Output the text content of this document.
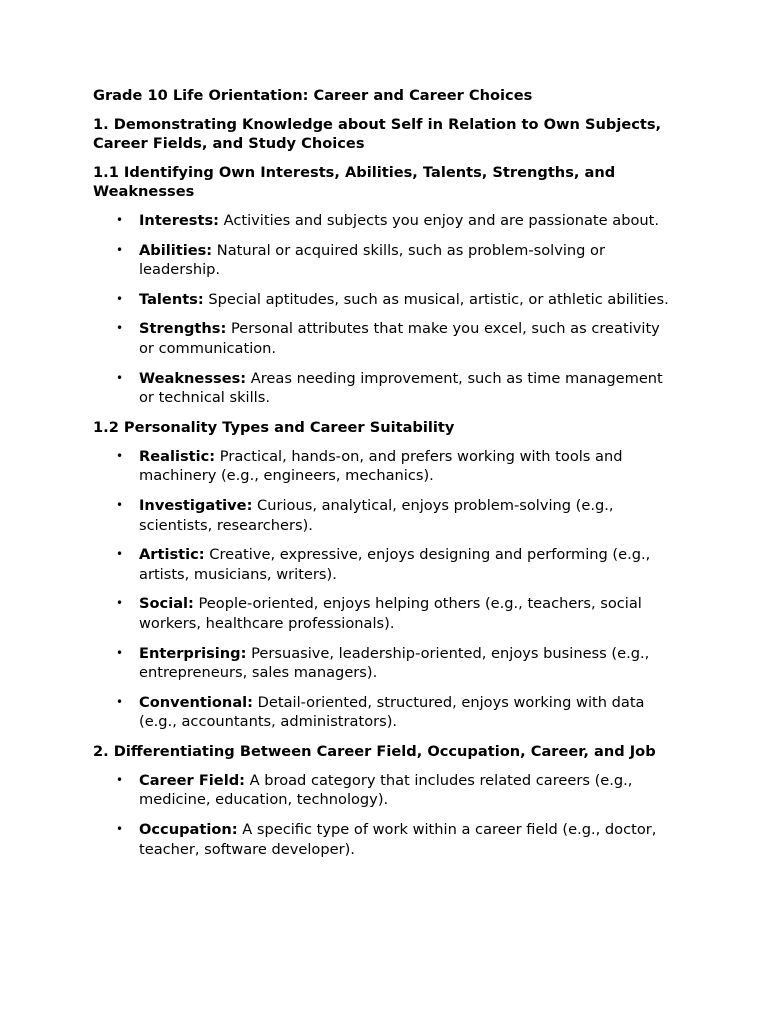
Grade 10 Life Orientation: Career and Career Choices
1. Demonstrating Knowledge about Self in Relation to Own Subjects, Career Fields, and Study Choices
1.1 Identifying Own Interests, Abilities, Talents, Strengths, and Weaknesses
• Interests: Activities and subjects you enjoy and are passionate about.
• Abilities: Natural or acquired skills, such as problem-solving or leadership.
• Talents: Special aptitudes, such as musical, artistic, or athletic abilities.
• Strengths: Personal attributes that make you excel, such as creativity or communication.
• Weaknesses: Areas needing improvement, such as time management or technical skills.
1.2 Personality Types and Career Suitability
• Realistic: Practical, hands-on, and prefers working with tools and machinery (e.g., engineers, mechanics).
• Investigative: Curious, analytical, enjoys problem-solving (e.g., scientists, researchers).
• Artistic: Creative, expressive, enjoys designing and performing (e.g., artists, musicians, writers).
• Social: People-oriented, enjoys helping others (e.g., teachers, social workers, healthcare professionals).
• Enterprising: Persuasive, leadership-oriented, enjoys business (e.g., entrepreneurs, sales managers).
• Conventional: Detail-oriented, structured, enjoys working with data (e.g., accountants, administrators).
2. Differentiating Between Career Field, Occupation, Career, and Job
• Career Field: A broad category that includes related careers (e.g., medicine, education, technology).
• Occupation: A specific type of work within a career field (e.g., doctor, teacher, software developer).
